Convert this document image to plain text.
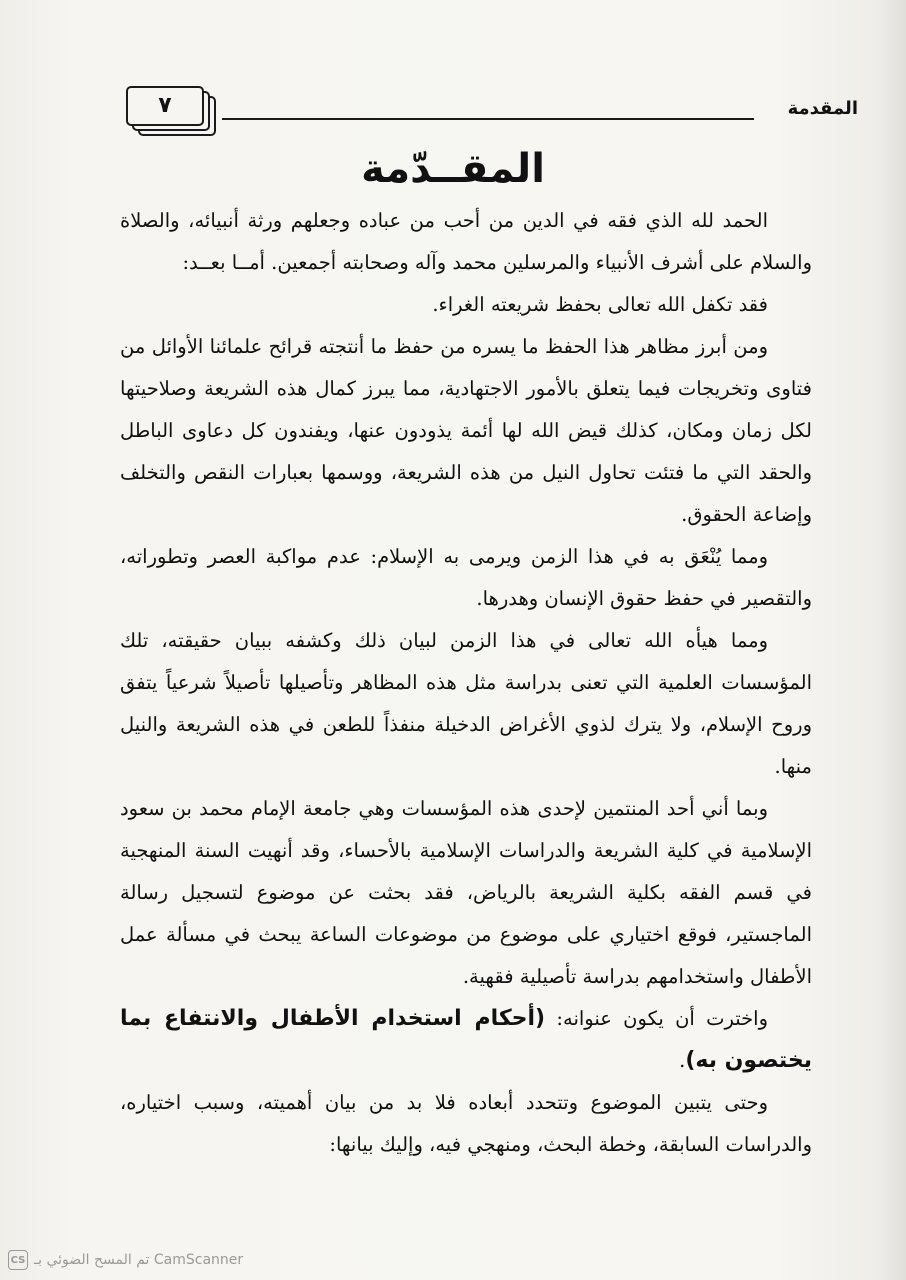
المقدمة
٧
المقــدّمة

الحمد لله الذي فقه في الدين من أحب من عباده وجعلهم ورثة أنبيائه، والصلاة والسلام على أشرف الأنبياء والمرسلين محمد وآله وصحابته أجمعين. أمــا بعــد:

فقد تكفل الله تعالى بحفظ شريعته الغراء.

ومن أبرز مظاهر هذا الحفظ ما يسره من حفظ ما أنتجته قرائح علمائنا الأوائل من فتاوى وتخريجات فيما يتعلق بالأمور الاجتهادية، مما يبرز كمال هذه الشريعة وصلاحيتها لكل زمان ومكان، كذلك قيض الله لها أئمة يذودون عنها، ويفندون كل دعاوى الباطل والحقد التي ما فتئت تحاول النيل من هذه الشريعة، ووسمها بعبارات النقص والتخلف وإضاعة الحقوق.

ومما يُنْعَق به في هذا الزمن ويرمى به الإسلام: عدم مواكبة العصر وتطوراته، والتقصير في حفظ حقوق الإنسان وهدرها.

ومما هيأه الله تعالى في هذا الزمن لبيان ذلك وكشفه ببيان حقيقته، تلك المؤسسات العلمية التي تعنى بدراسة مثل هذه المظاهر وتأصيلها تأصيلاً شرعياً يتفق وروح الإسلام، ولا يترك لذوي الأغراض الدخيلة منفذاً للطعن في هذه الشريعة والنيل منها.

وبما أني أحد المنتمين لإحدى هذه المؤسسات وهي جامعة الإمام محمد بن سعود الإسلامية في كلية الشريعة والدراسات الإسلامية بالأحساء، وقد أنهيت السنة المنهجية في قسم الفقه بكلية الشريعة بالرياض، فقد بحثت عن موضوع لتسجيل رسالة الماجستير، فوقع اختياري على موضوع من موضوعات الساعة يبحث في مسألة عمل الأطفال واستخدامهم بدراسة تأصيلية فقهية.

واخترت أن يكون عنوانه: (أحكام استخدام الأطفال والانتفاع بما يختصون به).

وحتى يتبين الموضوع وتتحدد أبعاده فلا بد من بيان أهميته، وسبب اختياره، والدراسات السابقة، وخطة البحث، ومنهجي فيه، وإليك بيانها:

CS تم المسح الضوئي بـ CamScanner
